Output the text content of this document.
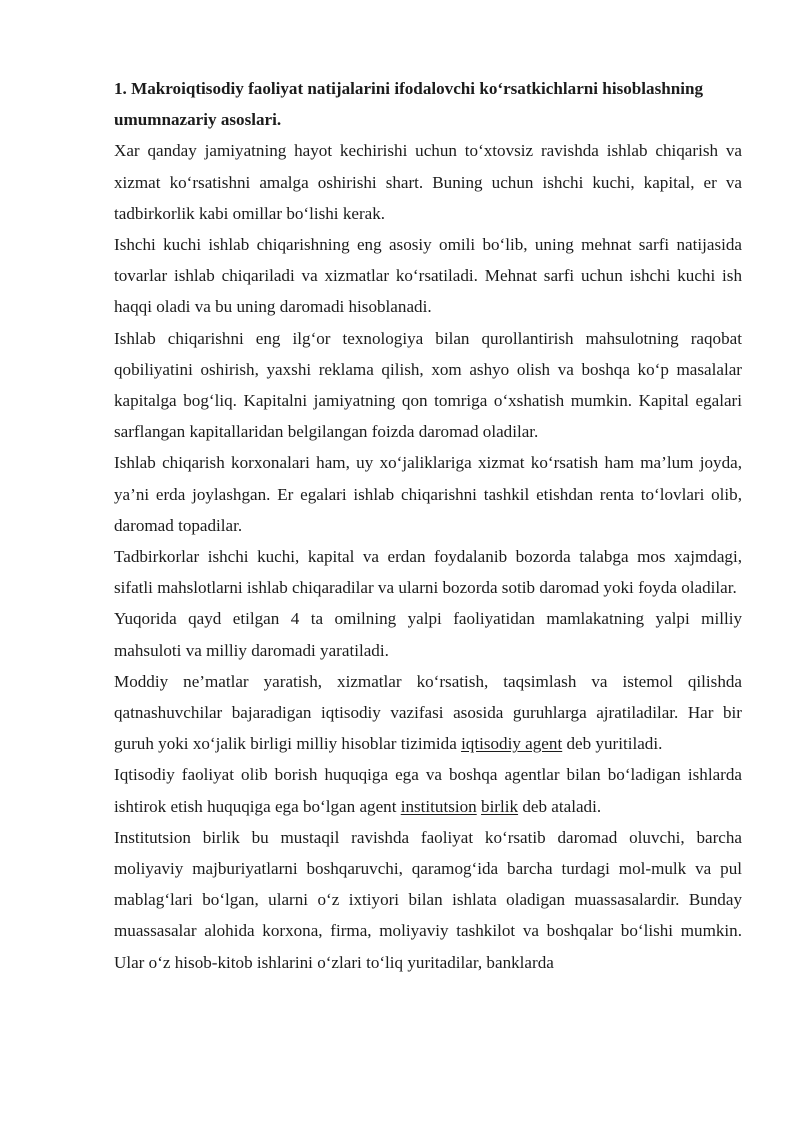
1. Makroiqtisodiy faoliyat natijalarini ifodalovchi ko‘rsatkichlarni hisoblashning umumnazariy asoslari.

Xar qanday jamiyatning hayot kechirishi uchun to‘xtovsiz ravishda ishlab chiqarish va xizmat ko‘rsatishni amalga oshirishi shart. Buning uchun ishchi kuchi, kapital, er va tadbirkorlik kabi omillar bo‘lishi kerak.

Ishchi kuchi ishlab chiqarishning eng asosiy omili bo‘lib, uning mehnat sarfi natijasida tovarlar ishlab chiqariladi va xizmatlar ko‘rsatiladi. Mehnat sarfi uchun ishchi kuchi ish haqqi oladi va bu uning daromadi hisoblanadi.

Ishlab chiqarishni eng ilg‘or texnologiya bilan qurollantirish mahsulotning raqobat qobiliyatini oshirish, yaxshi reklama qilish, xom ashyo olish va boshqa ko‘p masalalar kapitalga bog‘liq. Kapitalni jamiyatning qon tomriga o‘xshatish mumkin. Kapital egalari sarflangan kapitallaridan belgilangan foizda daromad oladilar.

Ishlab chiqarish korxonalari ham, uy xo‘jaliklariga xizmat ko‘rsatish ham ma’lum joyda, ya’ni erda joylashgan. Er egalari ishlab chiqarishni tashkil etishdan renta to‘lovlari olib, daromad topadilar.

Tadbirkorlar ishchi kuchi, kapital va erdan foydalanib bozorda talabga mos xajmdagi, sifatli mahslotlarni ishlab chiqaradilar va ularni bozorda sotib daromad yoki foyda oladilar.

Yuqorida qayd etilgan 4 ta omilning yalpi faoliyatidan mamlakatning yalpi milliy mahsuloti va milliy daromadi yaratiladi.

Moddiy ne’matlar yaratish, xizmatlar ko‘rsatish, taqsimlash va istemol qilishda qatnashuvchilar bajaradigan iqtisodiy vazifasi asosida guruhlarga ajratiladilar. Har bir guruh yoki xo‘jalik birligi milliy hisoblar tizimida iqtisodiy agent deb yuritiladi.

Iqtisodiy faoliyat olib borish huquqiga ega va boshqa agentlar bilan bo‘ladigan ishlarda ishtirok etish huquqiga ega bo‘lgan agent institutsion birlik deb ataladi.

Institutsion birlik bu mustaqil ravishda faoliyat ko‘rsatib daromad oluvchi, barcha moliyaviy majburiyatlarni boshqaruvchi, qaramog‘ida barcha turdagi mol-mulk va pul mablag‘lari bo‘lgan, ularni o‘z ixtiyori bilan ishlata oladigan muassasalardir. Bunday muassasalar alohida korxona, firma, moliyaviy tashkilot va boshqalar bo‘lishi mumkin. Ular o‘z hisob-kitob ishlarini o‘zlari to‘liq yuritadilar, banklarda
